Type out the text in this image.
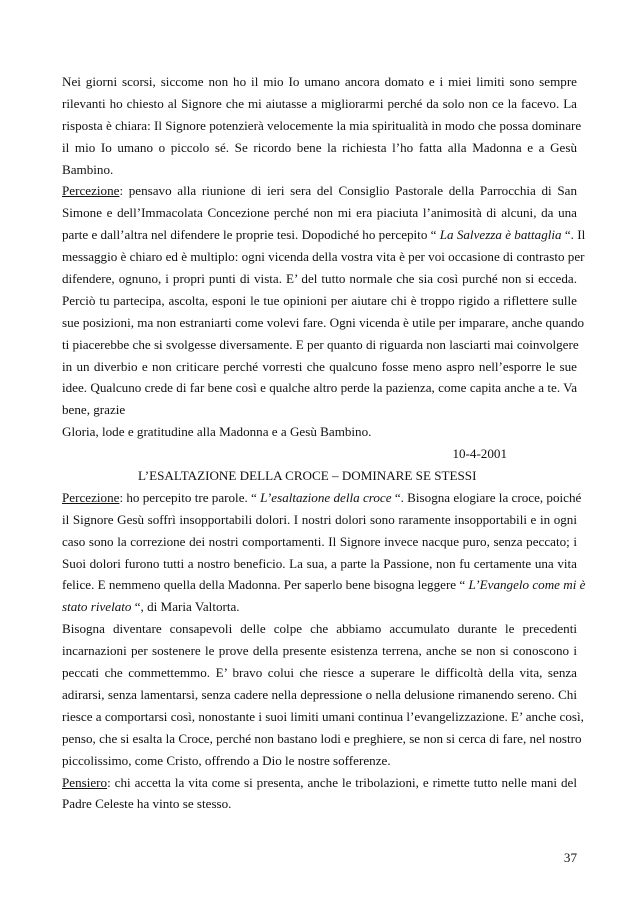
Nei giorni scorsi, siccome non ho il mio Io umano ancora domato e i miei limiti sono sempre
rilevanti ho chiesto al Signore che mi aiutasse a migliorarmi perché da solo non ce la facevo. La
risposta è chiara: Il Signore potenzierà velocemente la mia spiritualità in modo che possa dominare
il mio Io umano o piccolo sé. Se ricordo bene la richiesta l’ho fatta alla Madonna e a Gesù
Bambino.
Percezione: pensavo alla riunione di ieri sera del Consiglio Pastorale della Parrocchia di San
Simone e dell’Immacolata Concezione perché non mi era piaciuta l’animosità di alcuni, da una
parte e dall’altra nel difendere le proprie tesi. Dopodiché ho percepito “ La Salvezza è battaglia “. Il
messaggio è chiaro ed è multiplo: ogni vicenda della vostra vita è per voi occasione di contrasto per
difendere, ognuno, i propri punti di vista. E’ del tutto normale che sia così purché non si ecceda.
Perciò tu partecipa, ascolta, esponi le tue opinioni per aiutare chi è troppo rigido a riflettere sulle
sue posizioni, ma non estraniarti come volevi fare. Ogni vicenda è utile per imparare, anche quando
ti piacerebbe che si svolgesse diversamente. E per quanto di riguarda non lasciarti mai coinvolgere
in un diverbio e non criticare perché vorresti che qualcuno fosse meno aspro nell’esporre le sue
idee. Qualcuno crede di far bene così e qualche altro perde la pazienza, come capita anche a te. Va
bene, grazie
Gloria, lode e gratitudine alla Madonna e a Gesù Bambino.
10-4-2001
L’ESALTAZIONE DELLA CROCE – DOMINARE SE STESSI
Percezione: ho percepito tre parole. “ L’esaltazione della croce “. Bisogna elogiare la croce, poiché
il Signore Gesù soffrì insopportabili dolori. I nostri dolori sono raramente insopportabili e in ogni
caso sono la correzione dei nostri comportamenti. Il Signore invece nacque puro, senza peccato; i
Suoi dolori furono tutti a nostro beneficio. La sua, a parte la Passione, non fu certamente una vita
felice. E nemmeno quella della Madonna. Per saperlo bene bisogna leggere “ L’Evangelo come mi è
stato rivelato “, di Maria Valtorta.
Bisogna diventare consapevoli delle colpe che abbiamo accumulato durante le precedenti
incarnazioni per sostenere le prove della presente esistenza terrena, anche se non si conoscono i
peccati che commettemmo. E’ bravo colui che riesce a superare le difficoltà della vita, senza
adirarsi, senza lamentarsi, senza cadere nella depressione o nella delusione rimanendo sereno. Chi
riesce a comportarsi così, nonostante i suoi limiti umani continua l’evangelizzazione. E’ anche così,
penso, che si esalta la Croce, perché non bastano lodi e preghiere, se non si cerca di fare, nel nostro
piccolissimo, come Cristo, offrendo a Dio le nostre sofferenze.
Pensiero: chi accetta la vita come si presenta, anche le tribolazioni, e rimette tutto nelle mani del
Padre Celeste ha vinto se stesso.
37
